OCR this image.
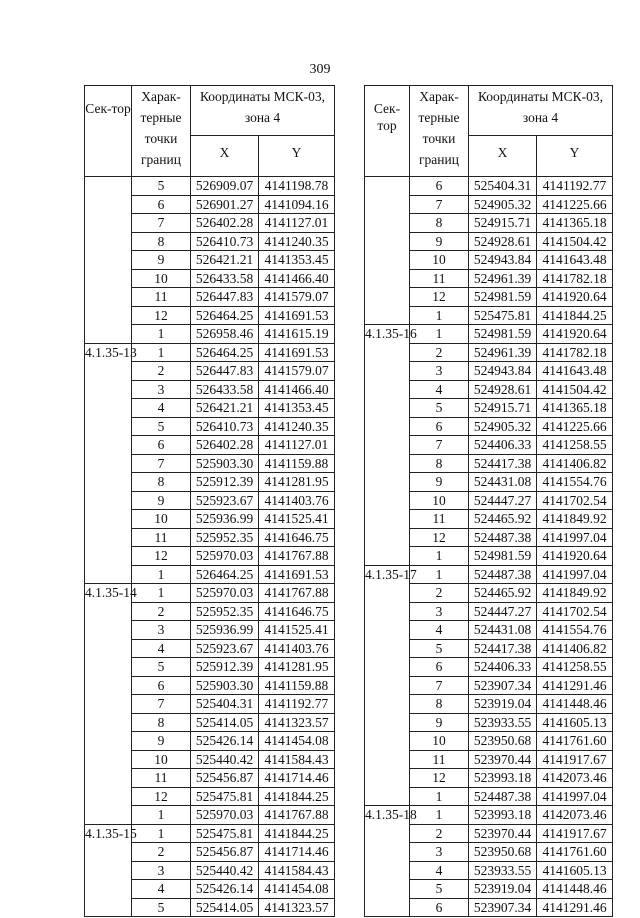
309
Сек-тор	Харак-терные точки границ	Координаты МСК-03, зона 4	
		X	Y
	5	526909.07	4141198.78
	6	526901.27	4141094.16
	7	526402.28	4141127.01
	8	526410.73	4141240.35
	9	526421.21	4141353.45
	10	526433.58	4141466.40
	11	526447.83	4141579.07
	12	526464.25	4141691.53
	1	526958.46	4141615.19
4.1.35-13	1	526464.25	4141691.53
	2	526447.83	4141579.07
	3	526433.58	4141466.40
	4	526421.21	4141353.45
	5	526410.73	4141240.35
	6	526402.28	4141127.01
	7	525903.30	4141159.88
	8	525912.39	4141281.95
	9	525923.67	4141403.76
	10	525936.99	4141525.41
	11	525952.35	4141646.75
	12	525970.03	4141767.88
	1	526464.25	4141691.53
4.1.35-14	1	525970.03	4141767.88
	2	525952.35	4141646.75
	3	525936.99	4141525.41
	4	525923.67	4141403.76
	5	525912.39	4141281.95
	6	525903.30	4141159.88
	7	525404.31	4141192.77
	8	525414.05	4141323.57
	9	525426.14	4141454.08
	10	525440.42	4141584.43
	11	525456.87	4141714.46
	12	525475.81	4141844.25
	1	525970.03	4141767.88
4.1.35-15	1	525475.81	4141844.25
	2	525456.87	4141714.46
	3	525440.42	4141584.43
	4	525426.14	4141454.08
	5	525414.05	4141323.57
Сек-тор	Харак-терные точки границ	Координаты МСК-03, зона 4	
		X	Y
	6	525404.31	4141192.77
	7	524905.32	4141225.66
	8	524915.71	4141365.18
	9	524928.61	4141504.42
	10	524943.84	4141643.48
	11	524961.39	4141782.18
	12	524981.59	4141920.64
	1	525475.81	4141844.25
4.1.35-16	1	524981.59	4141920.64
	2	524961.39	4141782.18
	3	524943.84	4141643.48
	4	524928.61	4141504.42
	5	524915.71	4141365.18
	6	524905.32	4141225.66
	7	524406.33	4141258.55
	8	524417.38	4141406.82
	9	524431.08	4141554.76
	10	524447.27	4141702.54
	11	524465.92	4141849.92
	12	524487.38	4141997.04
	1	524981.59	4141920.64
4.1.35-17	1	524487.38	4141997.04
	2	524465.92	4141849.92
	3	524447.27	4141702.54
	4	524431.08	4141554.76
	5	524417.38	4141406.82
	6	524406.33	4141258.55
	7	523907.34	4141291.46
	8	523919.04	4141448.46
	9	523933.55	4141605.13
	10	523950.68	4141761.60
	11	523970.44	4141917.67
	12	523993.18	4142073.46
	1	524487.38	4141997.04
4.1.35-18	1	523993.18	4142073.46
	2	523970.44	4141917.67
	3	523950.68	4141761.60
	4	523933.55	4141605.13
	5	523919.04	4141448.46
	6	523907.34	4141291.46
